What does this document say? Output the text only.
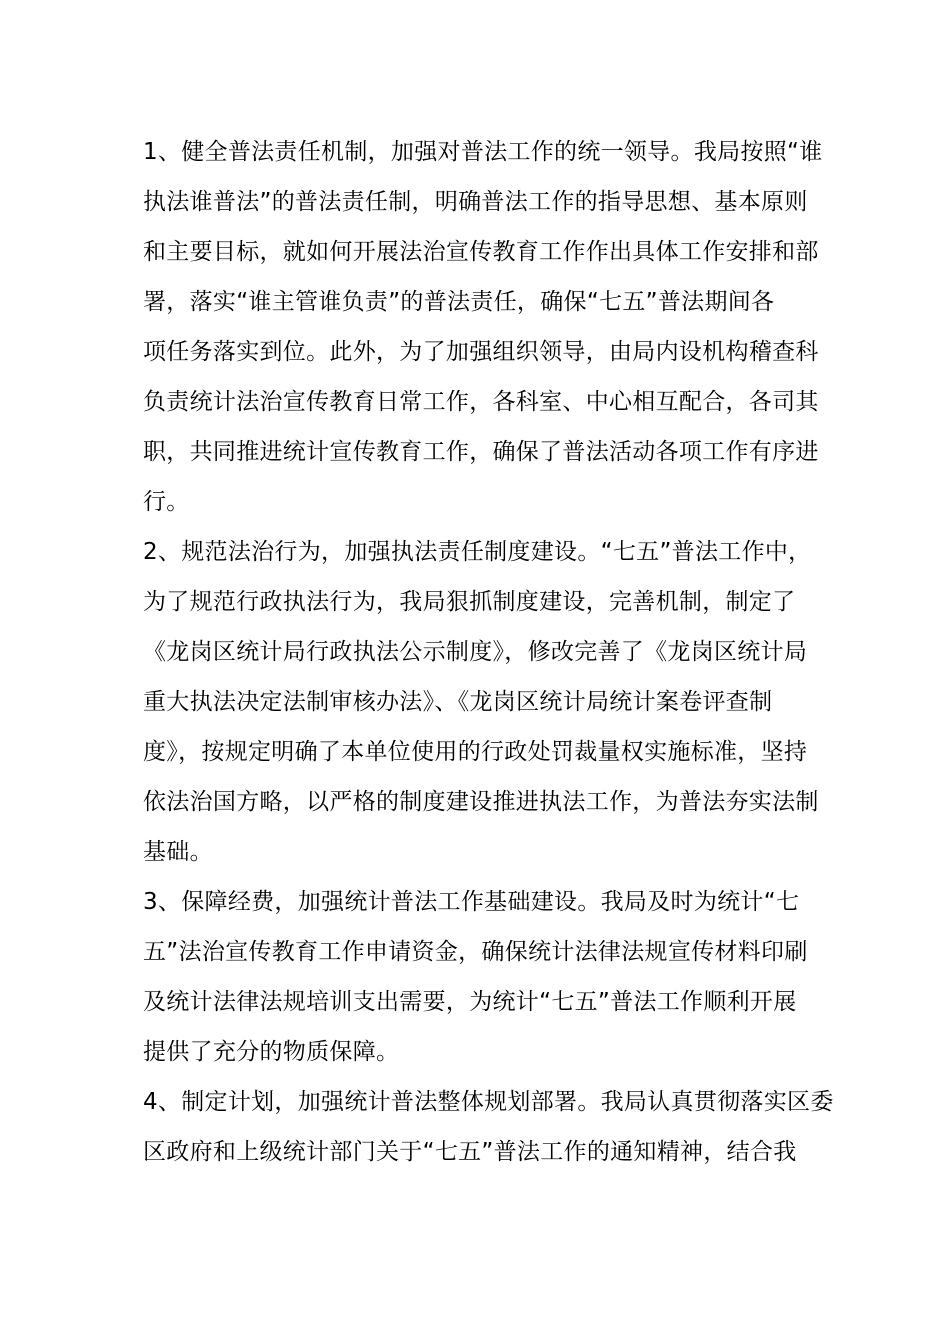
1、健全普法责任机制，加强对普法工作的统一领导。我局按照“谁
执法谁普法”的普法责任制，明确普法工作的指导思想、基本原则
和主要目标，就如何开展法治宣传教育工作作出具体工作安排和部
署，落实“谁主管谁负责”的普法责任，确保“七五”普法期间各
项任务落实到位。此外，为了加强组织领导，由局内设机构稽查科
负责统计法治宣传教育日常工作，各科室、中心相互配合，各司其
职，共同推进统计宣传教育工作，确保了普法活动各项工作有序进
行。

2、规范法治行为，加强执法责任制度建设。“七五”普法工作中，
为了规范行政执法行为，我局狠抓制度建设，完善机制，制定了
《龙岗区统计局行政执法公示制度》，修改完善了《龙岗区统计局
重大执法决定法制审核办法》、《龙岗区统计局统计案卷评查制
度》，按规定明确了本单位使用的行政处罚裁量权实施标准，坚持
依法治国方略，以严格的制度建设推进执法工作，为普法夯实法制
基础。

3、保障经费，加强统计普法工作基础建设。我局及时为统计“七
五”法治宣传教育工作申请资金，确保统计法律法规宣传材料印刷
及统计法律法规培训支出需要，为统计“七五”普法工作顺利开展
提供了充分的物质保障。

4、制定计划，加强统计普法整体规划部署。我局认真贯彻落实区委
区政府和上级统计部门关于“七五”普法工作的通知精神，结合我
